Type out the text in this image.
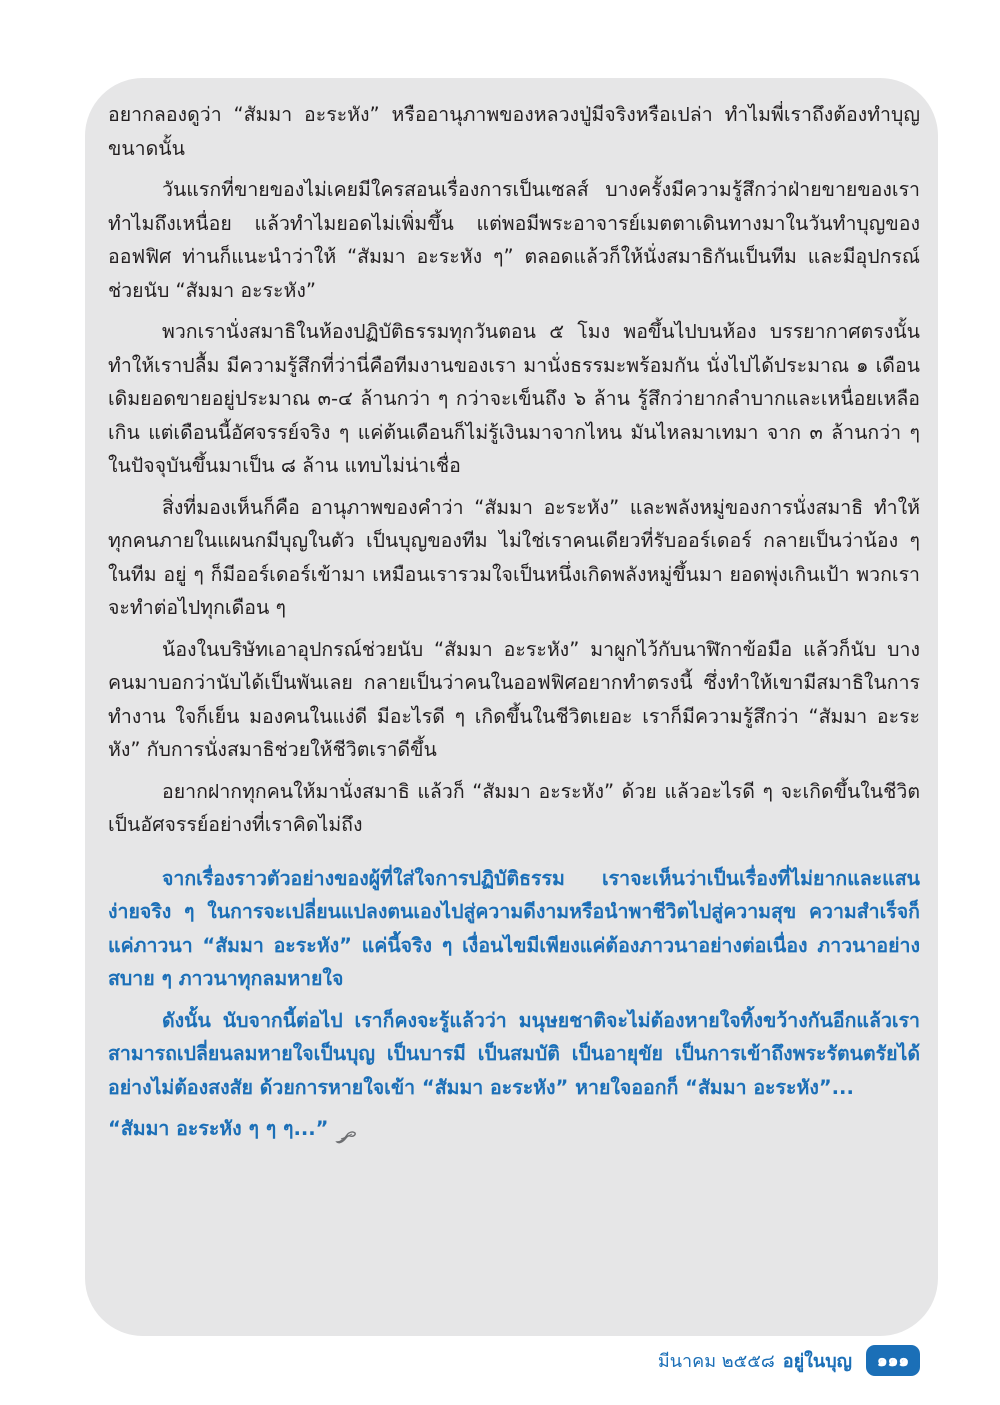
อยากลองดูว่า “สัมมา อะระหัง” หรืออานุภาพของหลวงปู่มีจริงหรือเปล่า ทำไมพี่เราถึงต้องทำบุญขนาดนั้น

วันแรกที่ขายของไม่เคยมีใครสอนเรื่องการเป็นเซลส์ บางครั้งมีความรู้สึกว่าฝ่ายขายของเราทำไมถึงเหนื่อย แล้วทำไมยอดไม่เพิ่มขึ้น แต่พอมีพระอาจารย์เมตตาเดินทางมาในวันทำบุญของออฟฟิศ ท่านก็แนะนำว่าให้ “สัมมา อะระหัง ๆ” ตลอดแล้วก็ให้นั่งสมาธิกันเป็นทีม และมีอุปกรณ์ช่วยนับ “สัมมา อะระหัง”

พวกเรานั่งสมาธิในห้องปฏิบัติธรรมทุกวันตอน ๕ โมง พอขึ้นไปบนห้อง บรรยากาศตรงนั้นทำให้เราปลื้ม มีความรู้สึกที่ว่านี่คือทีมงานของเรา มานั่งธรรมะพร้อมกัน นั่งไปได้ประมาณ ๑ เดือน เดิมยอดขายอยู่ประมาณ ๓-๔ ล้านกว่า ๆ กว่าจะเข็นถึง ๖ ล้าน รู้สึกว่ายากลำบากและเหนื่อยเหลือเกิน แต่เดือนนี้อัศจรรย์จริง ๆ แค่ต้นเดือนก็ไม่รู้เงินมาจากไหน มันไหลมาเทมา จาก ๓ ล้านกว่า ๆ ในปัจจุบันขึ้นมาเป็น ๘ ล้าน แทบไม่น่าเชื่อ

สิ่งที่มองเห็นก็คือ อานุภาพของคำว่า “สัมมา อะระหัง” และพลังหมู่ของการนั่งสมาธิ ทำให้ทุกคนภายในแผนกมีบุญในตัว เป็นบุญของทีม ไม่ใช่เราคนเดียวที่รับออร์เดอร์ กลายเป็นว่าน้อง ๆ ในทีม อยู่ ๆ ก็มีออร์เดอร์เข้ามา เหมือนเรารวมใจเป็นหนึ่งเกิดพลังหมู่ขึ้นมา ยอดพุ่งเกินเป้า พวกเราจะทำต่อไปทุกเดือน ๆ

น้องในบริษัทเอาอุปกรณ์ช่วยนับ “สัมมา อะระหัง” มาผูกไว้กับนาฬิกาข้อมือ แล้วก็นับ บางคนมาบอกว่านับได้เป็นพันเลย กลายเป็นว่าคนในออฟฟิศอยากทำตรงนี้ ซึ่งทำให้เขามีสมาธิในการทำงาน ใจก็เย็น มองคนในแง่ดี มีอะไรดี ๆ เกิดขึ้นในชีวิตเยอะ เราก็มีความรู้สึกว่า “สัมมา อะระหัง” กับการนั่งสมาธิช่วยให้ชีวิตเราดีขึ้น

อยากฝากทุกคนให้มานั่งสมาธิ แล้วก็ “สัมมา อะระหัง” ด้วย แล้วอะไรดี ๆ จะเกิดขึ้นในชีวิตเป็นอัศจรรย์อย่างที่เราคิดไม่ถึง

จากเรื่องราวตัวอย่างของผู้ที่ใส่ใจการปฏิบัติธรรม เราจะเห็นว่าเป็นเรื่องที่ไม่ยากและแสนง่ายจริง ๆ ในการจะเปลี่ยนแปลงตนเองไปสู่ความดีงามหรือนำพาชีวิตไปสู่ความสุข ความสำเร็จก็แค่ภาวนา “สัมมา อะระหัง” แค่นี้จริง ๆ เงื่อนไขมีเพียงแค่ต้องภาวนาอย่างต่อเนื่อง ภาวนาอย่างสบาย ๆ ภาวนาทุกลมหายใจ

ดังนั้น นับจากนี้ต่อไป เราก็คงจะรู้แล้วว่า มนุษยชาติจะไม่ต้องหายใจทิ้งขว้างกันอีกแล้วเราสามารถเปลี่ยนลมหายใจเป็นบุญ เป็นบารมี เป็นสมบัติ เป็นอายุขัย เป็นการเข้าถึงพระรัตนตรัยได้อย่างไม่ต้องสงสัย ด้วยการหายใจเข้า “สัมมา อะระหัง” หายใจออกก็ “สัมมา อะระหัง”...

“สัมมา อะระหัง ๆ ๆ ๆ...”

มีนาคม ๒๕๕๘ อยู่ในบุญ	๑๑๑
